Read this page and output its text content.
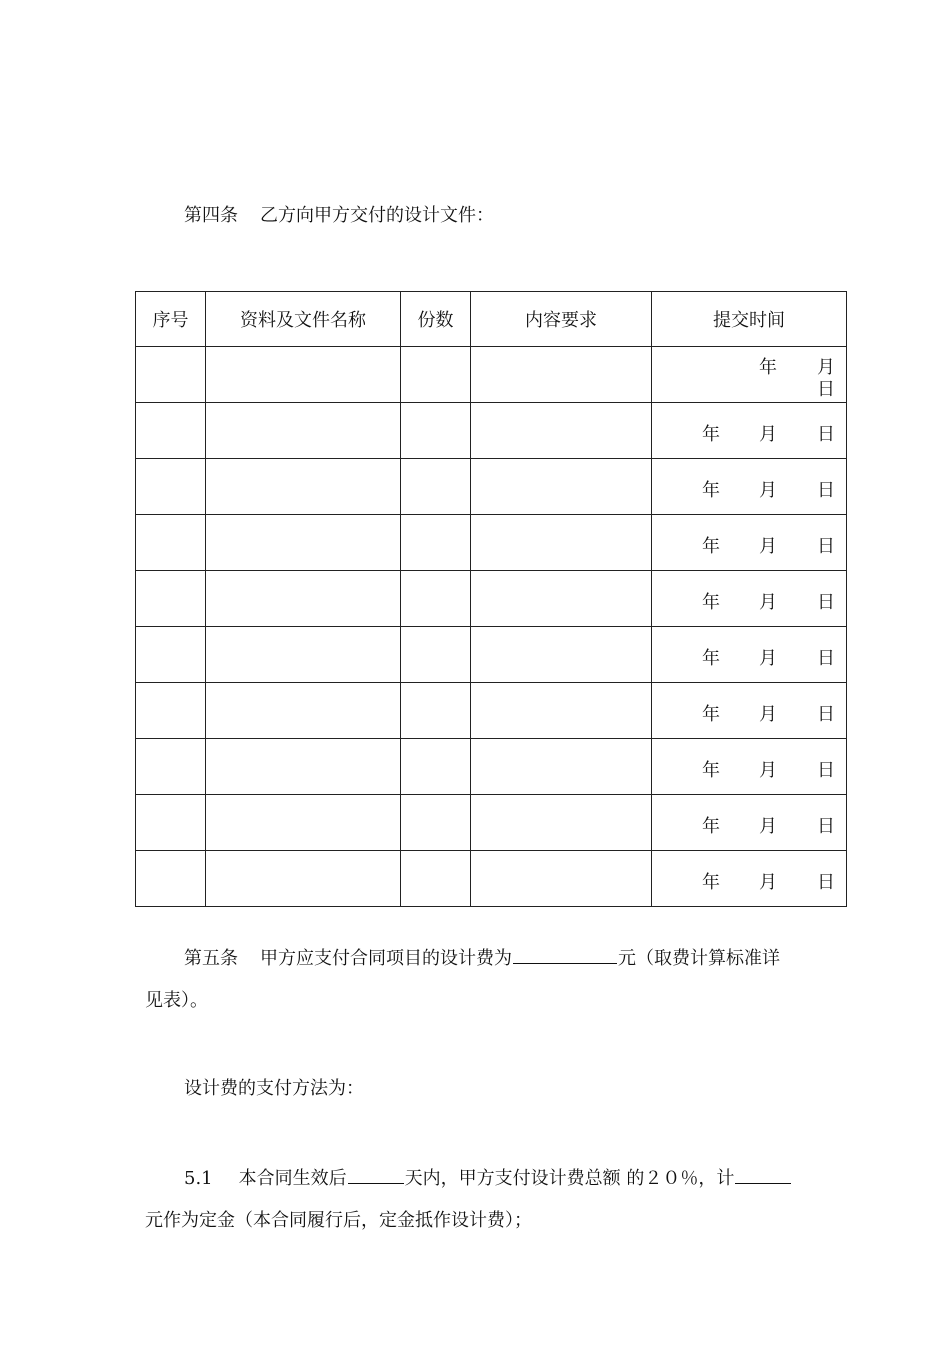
第四条 乙方向甲方交付的设计文件：
序号	资料及文件名称	份数	内容要求	提交时间

				年 月
日

				年 月 日

				年 月 日

				年 月 日

				年 月 日

				年 月 日

				年 月 日

				年 月 日

				年 月 日

				年 月 日
第五条 甲方应支付合同项目的设计费为	元（取费计算标准详
见表）。
设计费的支付方法为：
5.1 本合同生效后	天内，甲方支付设计费总额 的２０％，计
元作为定金（本合同履行后，定金抵作设计费）；
